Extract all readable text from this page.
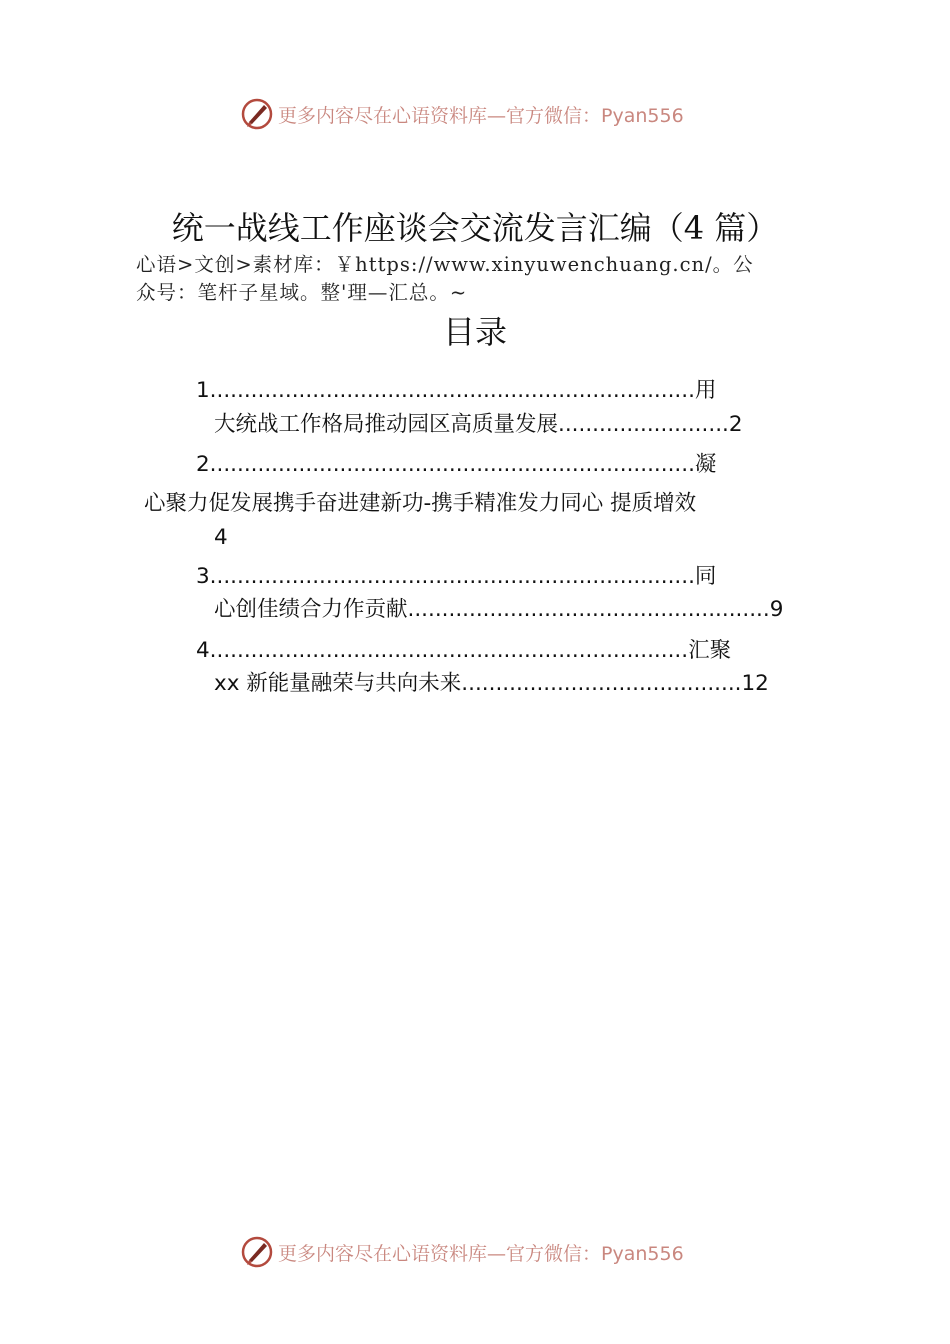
更多内容尽在心语资料库—官方微信：Pyan556
统一战线工作座谈会交流发言汇编（4 篇）
心语>文创>素材库：￥https://www.xinyuwenchuang.cn/。公
众号：笔杆子星域。整'理—汇总。~
目录
1.......................................................................用
大统战工作格局推动园区高质量发展.........................2
2.......................................................................凝
心聚力促发展携手奋进建新功-携手精准发力同心 提质增效
4
3.......................................................................同
心创佳绩合力作贡献.....................................................9
4......................................................................汇聚
xx 新能量融荣与共向未来.........................................12
更多内容尽在心语资料库—官方微信：Pyan556
